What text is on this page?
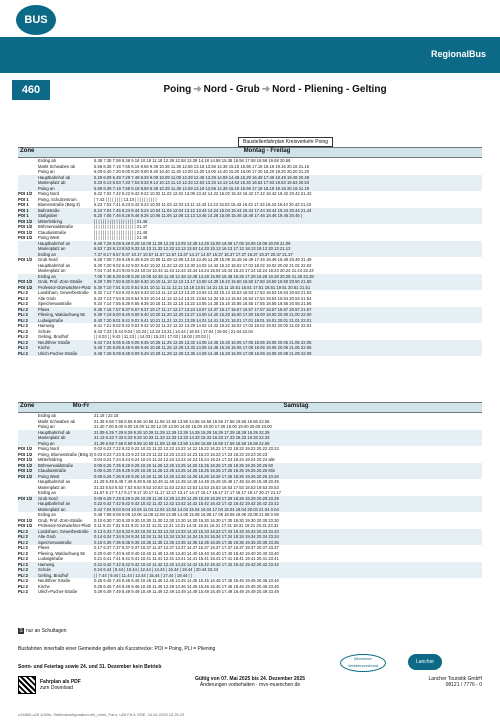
BUS
RegionalBus
460	Poing ➜ Nord - Grub ➜ Nord - Pliening - Gelting
Baustellenfahrplan Kreisverkehr Poing
Zone	Montag - Freitag
Erding ab	5.38 7.38 7.58 8.38 9.18 10.18 11.18 12.38 12.58 13.38 14.18 14.58 15.38 16.58 17.58 18.58 19.58 20.58
Markt Schwaben ab	5.56 6.36 7.16 7.56 8.16 8.56 9.36 10.36 11.36 12.56 13.16 13.56 14.36 15.16 15.56 17.16 18.16 19.16 20.16 21.16
Poing an	6.00 6.40 7.20 8.00 8.20 9.00 9.40 10.40 11.40 13.00 13.20 14.00 14.40 15.20 16.00 17.20 18.20 19.20 20.20 21.20
Hauptbahnhof ab	5.29 6.09 6.49 7.29 7.49 8.29 9.09 10.09 11.09 12.29 12.49 13.29 14.09 14.49 15.29 16.49 17.49 18.49 19.49 20.49
Marienplatz ab	5.33 6.13 6.53 7.33 7.53 8.33 9.13 10.13 11.13 12.33 12.53 13.33 14.13 14.53 15.33 16.53 17.53 18.53 19.53 20.53
Poing an	5.59 6.39 7.19 7.59 8.19 8.59 9.39 10.39 11.39 12.59 13.19 13.59 14.39 15.19 15.59 17.19 18.19 19.19 20.19 21.19
POI 1/2	Poing Nord	6.22 7.02 7.42 8.22 8.42 9.22 10.02 11.02 12.02 13.09 13.42 14.22 15.02 15.42 16.42 17.42 18.42 19.42 20.42 21.42
POI 1	Poing, Schulzentrum	| 7.43 | | | | | | | | 13.10 | | | | | | | | | |
POI 1	Blumenstraße (Bstg 3)	6.23 7.03 7.41 8.23 8.43 9.23 10.03 11.03 12.03 13.11 13.43 14.23 15.03 15.43 16.43 17.43 18.43 19.43 20.43 21.43
POI 1	Bahnstraße	6.24 7.04 7.45 8.24 8.44 9.24 10.04 11.04 12.04 13.12 13.44 14.24 15.04 15.44 16.44 17.44 18.44 19.44 20.44 21.44
POI 1	Stafgraber	6.25 7.05 7.46 8.26 8.46 9.26 10.06 11.06 12.06 13.13 13.46 14.26 15.06 15.46 16.46 17.46 18.46 19.46 20.46 |
POI 1/2	Mitterfeldring	| | | | | | | | | | | | | | | | | | | 21.46
POI 1/2	Böhmerwaldstraße	| | | | | | | | | | | | | | | | | | | 21.47
POI 1/2	Claudiusstraße	| | | | | | | | | | | | | | | | | | | 21.48
POI 1/2	Poing West	| | | | | | | | | | | | | | | | | | | 21.49
Hauptbahnhof an	6.49 7.29 8.09 8.49 9.29 10.09 11.29 12.29 13.09 13.49 14.29 15.09 16.09 17.09 18.09 19.09 20.09 21.09
Marienplatz an	6.53 7.33 8.13 8.53 9.33 10.13 11.33 12.33 13.13 13.53 14.33 15.13 16.13 17.13 18.13 19.13 20.13 21.13
Erding an	7.37 8.17 8.57 9.37 10.17 10.57 11.57 12.57 13.37 14.17 14.57 15.37 16.37 17.37 18.37 19.37 20.37 21.37
POI 1/2	Grub Nord	6.28 7.08 7.49 8.29 8.49 9.29 10.09 11.09 12.09 13.16 13.49 14.29 15.09 15.49 16.49 17.49 18.49 19.49 20.49 21.49
Hauptbahnhof an	6.40 7.20 8.02 8.42 9.02 9.42 10.22 11.22 12.22 13.30 14.02 14.42 15.22 16.02 17.02 18.02 19.02 20.02 21.02 22.02
Marienplatz an	7.04 7.44 8.24 9.04 9.24 10.04 10.44 11.44 12.44 13.44 14.24 15.04 15.44 16.24 17.24 18.24 19.24 20.24 21.24 22.24
Erding an	7.08 7.48 8.28 9.08 9.28 10.08 10.48 11.48 12.48 13.48 14.28 15.08 15.48 16.28 17.28 18.28 19.28 20.28 21.28 22.28
POI 1/2	Grub, Prof.-Zorn-Straße	6.29 7.09 7.50 8.30 8.50 9.30 10.10 11.10 12.10 13.17 13.50 14.30 15.10 15.50 16.50 17.50 18.50 19.50 20.50 21.50
POI 1/2	Professor-Dürrwächter-Platz 6.30 7.10 7.51 8.31 8.51 9.31 10.11 11.11 12.11 13.18 13.51 14.31 15.11 15.51 16.51 17.51 18.51 19.51 20.51 21.51
PLI 2	Landsham, Gewerbestraße	6.32 7.12 7.53 8.33 8.53 9.33 10.13 11.13 12.13 13.20 13.53 14.33 15.13 15.53 16.53 17.53 18.53 19.53 20.53 21.53
PLI 2	Alte Grub	6.33 7.13 7.54 8.34 8.54 9.34 10.14 11.14 12.14 13.21 13.54 14.34 15.14 15.54 16.54 17.54 18.54 19.54 20.54 21.54
PLI 2	Speicherwastraße	6.34 7.14 7.55 8.35 8.55 9.35 10.15 11.15 12.15 13.22 13.55 14.35 15.15 15.55 16.55 17.55 18.55 19.55 20.55 21.55
PLI 2	Pliees	6.36 7.16 7.57 8.37 8.57 9.37 10.17 11.17 12.17 13.24 13.57 14.37 15.17 15.57 16.57 17.57 18.57 19.57 20.57 21.57
PLI 2	Pliening, Waldachweg 56	6.39 7.19 8.00 8.40 9.00 9.40 10.20 11.20 12.20 13.27 14.00 14.40 15.20 16.00 17.00 18.00 19.00 20.00 21.00 22.00
PLI 2	Ludwigstraße	6.40 7.20 8.01 8.41 9.01 9.41 10.21 11.21 12.21 13.28 14.01 14.41 15.21 16.01 17.01 18.01 19.01 20.01 21.01 22.01
PLI 2	Hainweg	6.41 7.21 8.02 8.42 9.02 9.42 10.22 11.22 12.22 13.29 14.02 14.42 15.22 16.02 17.02 18.02 19.02 20.02 21.02 22.02
PLI 2	Schule	6.43 7.23 | 8.44 9.04 | 10.24 | 12.24 13.31 | 14.44 | 16.04 | 17.04 | 19.04 | 21.04 22.04
PLI 2	Gelting, Brodhof	| | 8.03 | | 9.43 | 11.23 | | 14.03 | 15.23 | 17.03 | 18.03 | 20.03 | |
PLI 2	Neuföhrer Straße	6.44 7.24 8.05 8.45 9.05 9.45 10.25 11.25 12.25 13.32 14.05 14.45 15.25 16.05 17.05 18.05 19.05 20.05 21.05 22.05
PLI 2	Kirche	6.45 7.25 8.06 8.46 9.06 9.46 10.26 11.26 12.26 13.33 14.06 14.46 15.26 16.06 17.06 18.06 19.06 20.06 21.06 22.06
PLI 2	Ulrich-Pucher-Straße	6.48 7.28 8.09 8.49 9.09 9.49 10.29 11.29 12.29 13.36 14.09 14.49 15.29 16.09 17.09 18.09 19.09 20.09 21.09 22.09
Zone	Mo-Fr	Samstag
Erding ab	21.18 | 22.18
Markt Schwaben ab	21.36 6.56 7.56 8.56 9.56 10.56 11.56 12.56 13.56 14.56 15.56 16.56 17.56 18.56 19.56 22.56
Poing an	21.40 7.00 8.00 9.00 10.00 11.00 12.00 13.00 14.00 15.00 16.00 17.00 18.00 19.00 20.00 23.00
Hauptbahnhof ab	21.09 6.29 7.29 8.29 9.29 10.29 11.29 12.29 13.29 14.29 15.29 16.29 17.29 18.29 19.29 22.29
Marienplatz ab	21.13 6.33 7.33 8.33 9.33 10.33 11.33 12.33 13.33 14.33 15.33 16.33 17.33 18.33 19.33 22.33
Poing an	21.39 6.59 7.59 8.59 9.59 10.59 11.59 12.59 13.59 14.59 15.59 16.59 17.59 18.59 19.59 22.59
POI 1/2	Poing Nord	0.02 6.22 7.22 8.22 9.22 10.22 11.22 12.22 13.22 14.22 15.22 16.22 17.22 18.22 19.22 20.22 23.22
POI 1/2	Poing, Blumenstraße (Bstg 3) 0.03 6.23 7.23 8.23 9.23 10.23 11.23 12.23 13.23 14.23 15.23 16.23 17.23 18.23 19.23 20.23
POI 1/2	Mitterfeldring	0.04 6.24 7.24 8.24 9.24 10.24 11.24 12.24 13.24 14.24 15.24 16.24 17.24 18.24 19.24 20.24 alle
POI 1/2	Böhmerwaldstraße	0.05 6.25 7.25 8.25 9.25 10.25 11.25 12.25 13.25 14.25 15.25 16.25 17.25 18.25 19.25 20.25 60
POI 1/2	Claudiusstraße	0.05 6.25 7.25 8.25 9.25 10.25 11.25 12.25 13.25 14.25 15.25 16.25 17.25 18.25 19.25 20.25 Min
POI 1/2	Poing West	0.06 6.26 7.26 8.26 9.26 10.26 11.26 12.26 13.26 14.26 15.26 16.26 17.26 18.26 19.26 20.26 23.26
Hauptbahnhof an	21.29 5.49 6.49 7.49 8.49 9.49 10.49 11.49 12.49 13.49 14.49 15.49 16.49 17.49 18.49 19.49 20.49
Marienplatz an	21.33 5.53 6.53 7.53 8.53 9.53 10.53 11.53 12.53 13.53 14.53 15.53 16.53 17.53 18.53 19.53 20.53
Erding an	21.57 6.17 7.17 8.17 9.17 10.17 11.17 12.17 13.17 14.17 15.17 16.17 17.17 18.17 19.17 20.17 21.17
POI 1/2	Grub Nord	0.09 6.29 7.29 8.29 9.29 10.29 11.29 12.29 13.29 14.29 15.29 16.29 17.29 18.29 19.29 20.29 23.29
Hauptbahnhof an	0.22 6.42 7.42 8.42 9.42 10.42 11.42 12.42 13.42 14.42 15.42 16.42 17.42 18.42 19.42 20.42 23.42
Marienplatz an	0.44 7.04 8.04 9.04 10.04 11.04 12.04 13.04 14.04 15.04 16.04 17.04 18.04 19.04 20.04 21.04 0.04
Erding an	0.48 7.08 8.08 9.08 10.08 11.08 12.08 13.08 14.08 15.08 16.08 17.08 18.08 19.08 20.08 21.08 0.08
POI 1/2	Grub, Prof.-Zorn-Straße	0.10 6.30 7.30 8.30 9.30 10.30 11.30 12.30 13.30 14.30 15.30 16.30 17.30 18.30 19.30 20.30 23.30
POI 1/2	Professor-Dürrwächter-Platz 0.11 6.31 7.31 8.31 9.31 10.31 11.31 12.31 13.31 14.31 15.31 16.31 17.31 18.31 19.31 20.31 23.31
PLI 2	Landsham, Gewerbestraße	0.13 6.33 7.33 8.33 9.33 10.33 11.33 12.33 13.33 14.33 15.33 16.33 17.33 18.33 19.33 20.33 23.33
PLI 2	Alte Grub	0.14 6.34 7.34 8.34 9.34 10.34 11.34 12.34 13.34 14.34 15.34 16.34 17.34 18.34 19.34 20.34 23.34
PLI 2	Speicherwastraße	0.15 6.35 7.35 8.35 9.35 10.35 11.35 12.35 13.35 14.35 15.35 16.35 17.35 18.35 19.35 20.35 23.35
PLI 2	Pliees	0.17 6.37 7.37 8.37 9.37 10.37 11.37 12.37 13.37 14.37 15.37 16.37 17.37 18.37 19.37 20.37 23.37
PLI 2	Pliening, Waldachweg 56	0.20 6.40 7.40 8.40 9.40 10.40 11.40 12.40 13.40 14.40 15.40 16.40 17.40 18.40 19.40 20.40 23.40
PLI 2	Ludwigstraße	0.21 6.41 7.41 8.41 9.41 10.41 11.41 12.41 13.41 14.41 15.41 16.41 17.41 18.41 19.41 20.41 23.41
PLI 2	Hainweg	0.22 6.42 7.42 8.42 9.42 10.42 11.42 12.42 13.42 14.42 15.42 16.42 17.42 18.42 19.42 20.42 23.42
PLI 2	Schule	0.24 6.44 | 8.44 | 10.44 | 12.44 | 14.44 | 16.44 | 18.44 | 20.44 23.44
PLI 2	Gelting, Brodhof	| | 7.44 | 9.44 | 11.44 | 13.44 | 15.44 | 17.44 | 19.44 | |
PLI 2	Neuföhrer Straße	0.25 6.45 7.45 8.45 9.45 10.45 11.45 12.45 13.45 14.45 15.45 16.45 17.45 18.45 19.45 20.45 23.45
PLI 2	Kirche	0.26 6.46 7.46 8.46 9.46 10.46 11.46 12.46 13.46 14.46 15.46 16.46 17.46 18.46 19.46 20.46 23.46
PLI 2	Ulrich-Pucher-Straße	0.29 6.49 7.49 8.49 9.49 10.49 11.49 12.49 13.49 14.49 15.49 16.49 17.49 18.49 19.49 20.49 23.49
S nur an Schultagen
Busfahrten innerhalb einer Gemeinde gelten als Kurzstrecke: POI = Poing, PLI = Pliening
Sonn- und Feiertag sowie 24. und 31. Dezember kein Betrieb
Fahrplan als PDF
zum Download
Gültig von 07. Mai 2025 bis 24. Dezember 2025
Änderungen vorbehalten · mvv-muenchen.de
Münchner Verkehrsverbund
Lancher
Lancher Touristik GmbH
08121 / 7776 - 0
c19460-u25 3/4/9s, Sektenkonfiguration.ehl_ohne_Fal.s, u25 Fä.4: EBE, 24.04.2025 13.25.29
